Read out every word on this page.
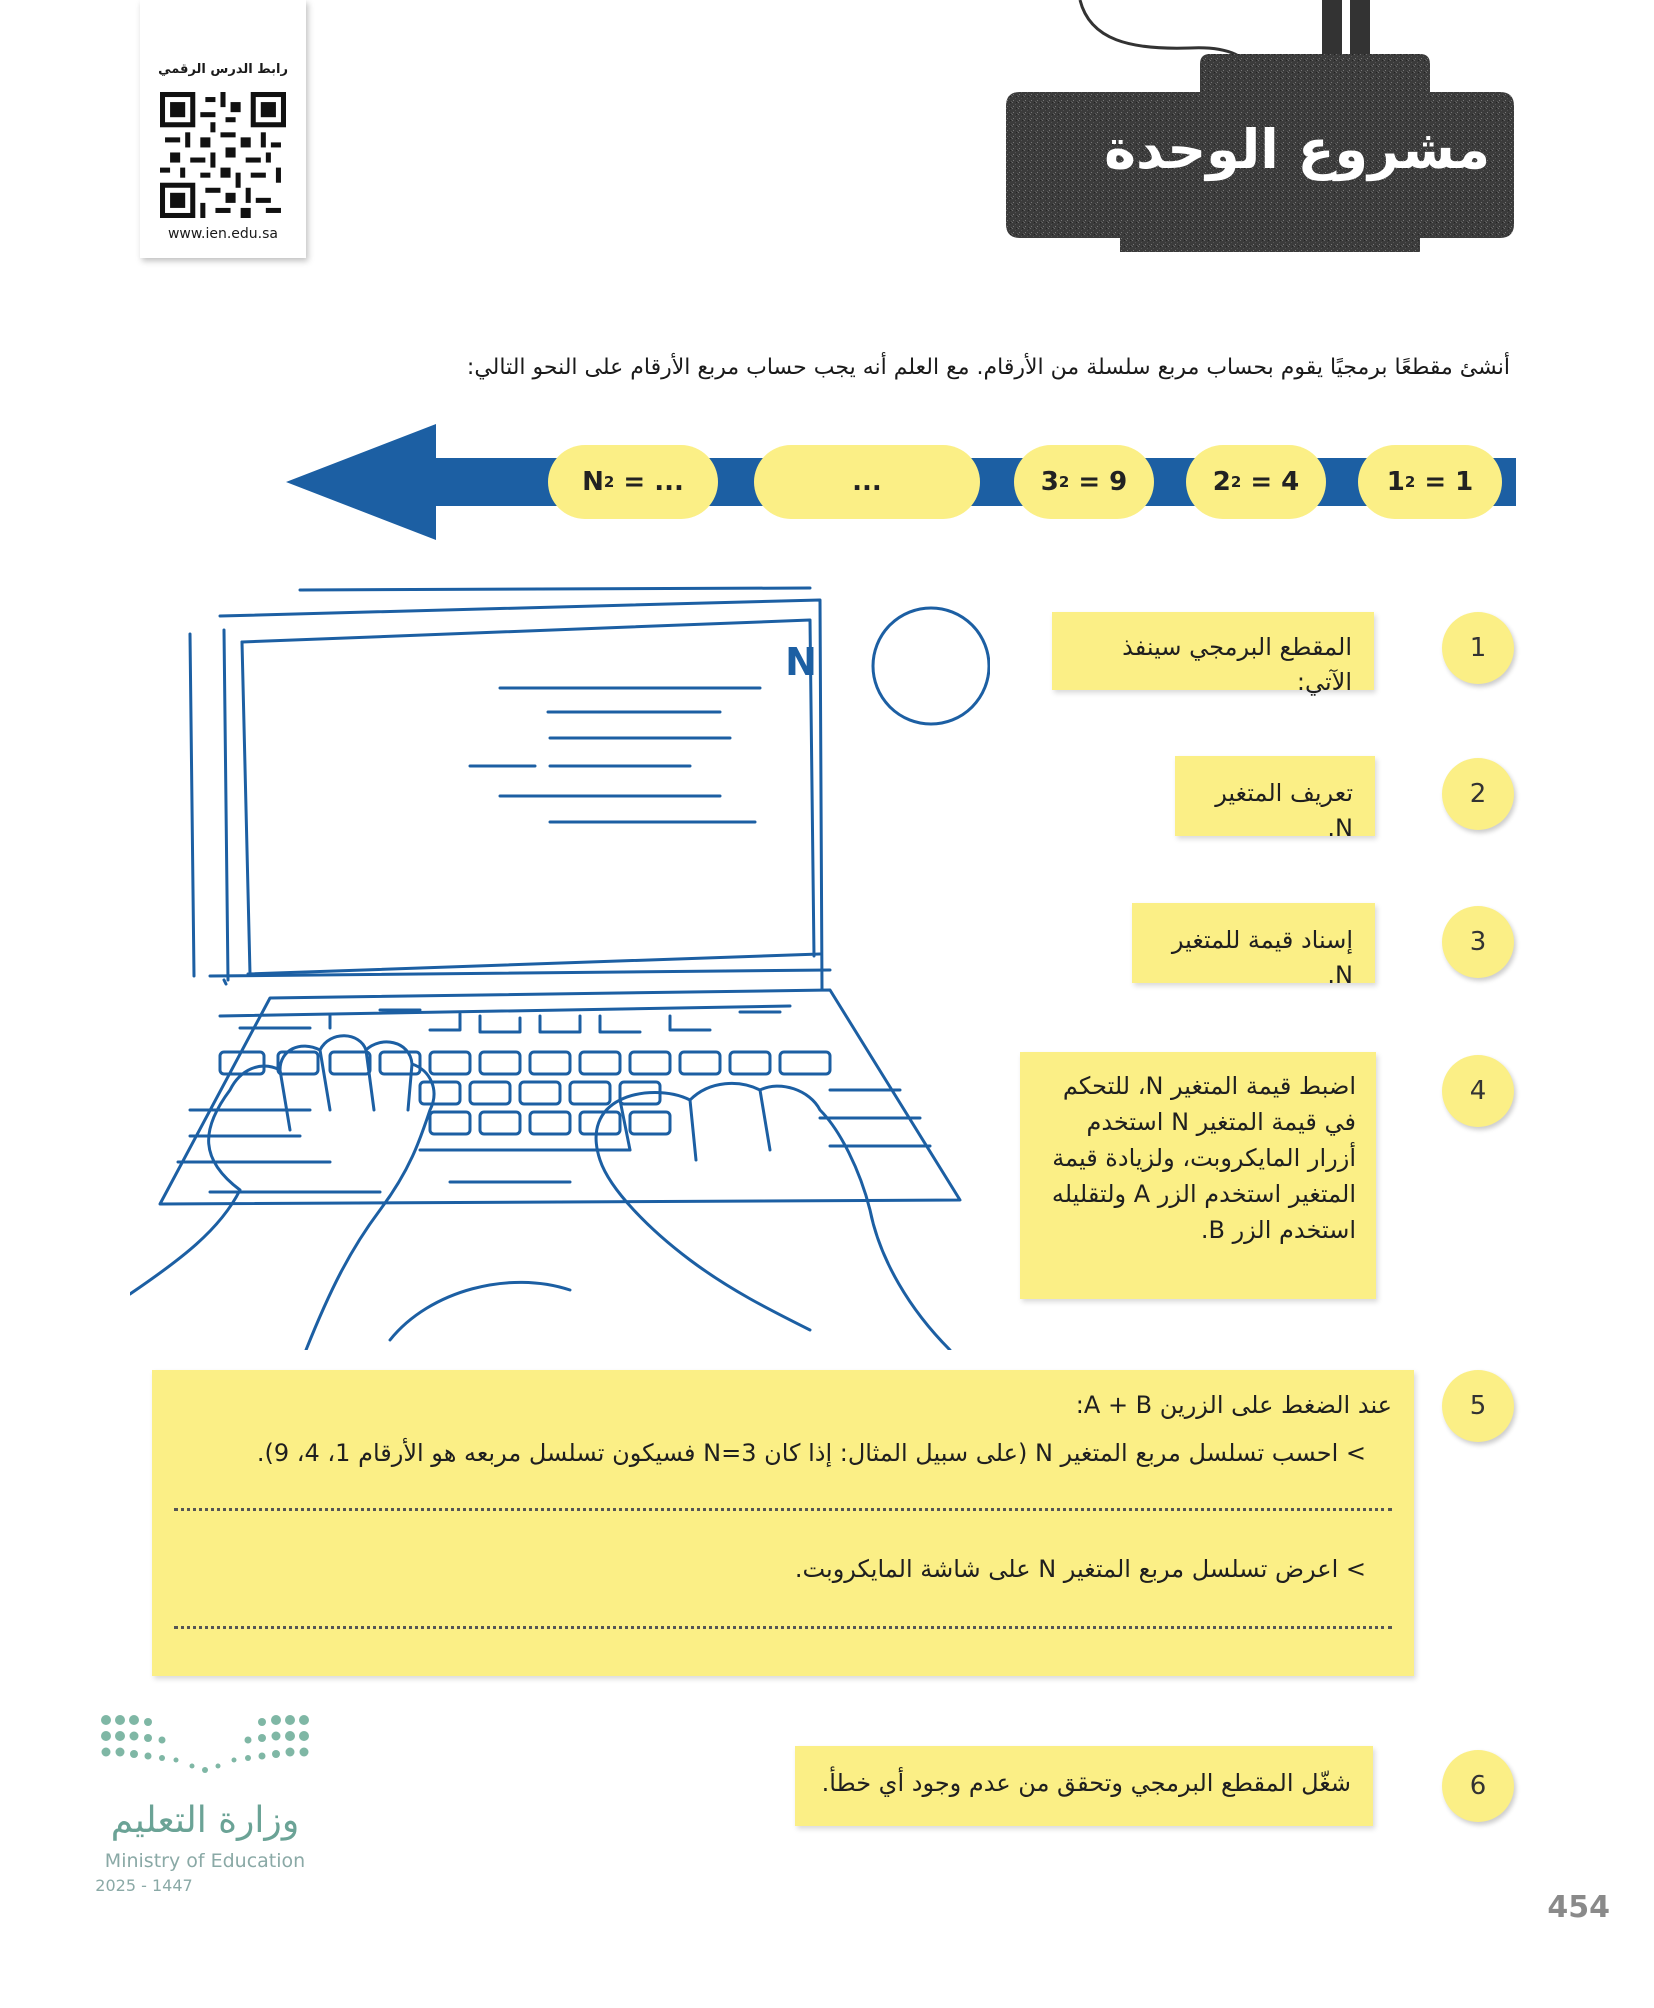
رابط الدرس الرقمي
www.ien.edu.sa
مشروع الوحدة
أنشئ مقطعًا برمجيًا يقوم بحساب مربع سلسلة من الأرقام. مع العلم أنه يجب حساب مربع الأرقام على النحو التالي:
1 2
= 1
2 2
= 4
3 2
= 9
...
N 2
= ...
N	1
المقطع البرمجي سينفذ الآتي:
2
تعريف المتغير N.
3
إسناد قيمة للمتغير N.
4
اضبط قيمة المتغير N، للتحكم في قيمة المتغير N استخدم أزرار المايكروبت، ولزيادة قيمة المتغير استخدم الزر A ولتقليله استخدم الزر B.
5
عند الضغط على الزرين A + B:
> احسب تسلسل مربع المتغير N (على سبيل المثال: إذا كان N=3 فسيكون تسلسل مربعه هو الأرقام 1، 4، 9).
> اعرض تسلسل مربع المتغير N على شاشة المايكروبت.
6
شغّل المقطع البرمجي وتحقق من عدم وجود أي خطأ.
وزارة التعليم
Ministry of Education
2025 - 1447
454
